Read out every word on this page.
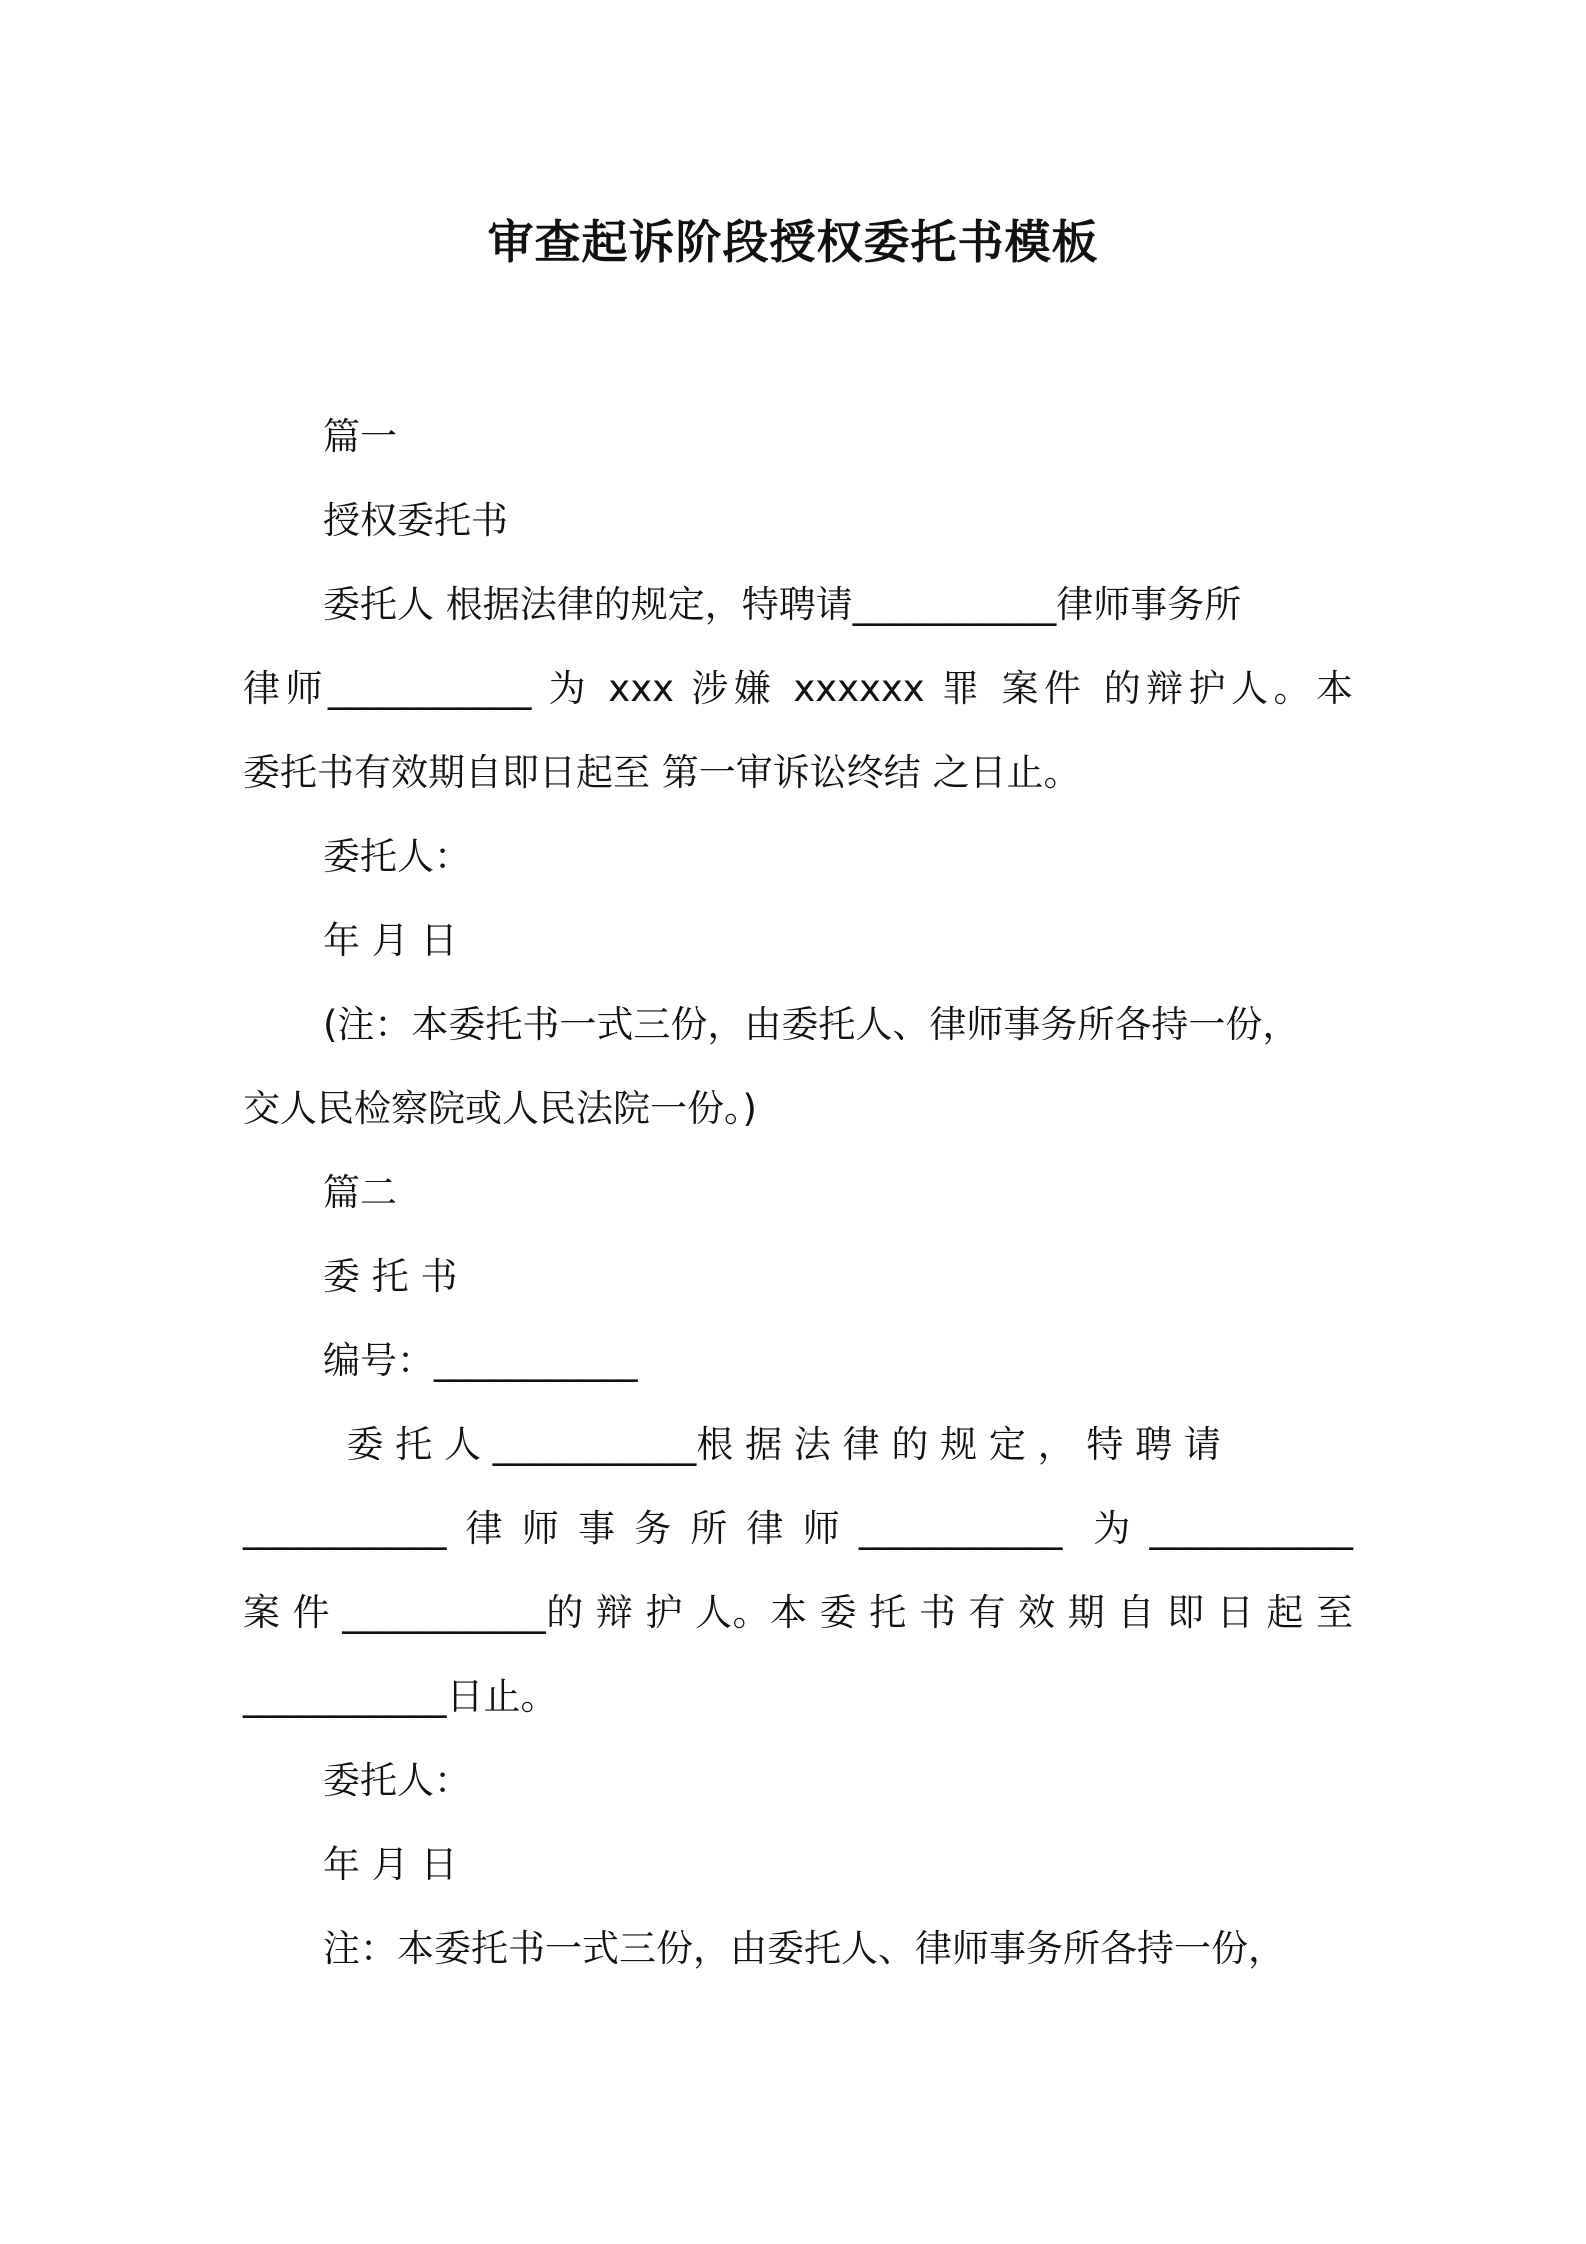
审查起诉阶段授权委托书模板
篇一
授权委托书
委托人 根据法律的规定，特聘请___________律师事务所
律师___________ 为 xxx 涉嫌 xxxxxx 罪 案件 的辩护人。本
委托书有效期自即日起至 第一审诉讼终结 之日止。
委托人：
年 月 日
(注：本委托书一式三份，由委托人、律师事务所各持一份，
交人民检察院或人民法院一份。)
篇二
委 托 书
编号：___________
委 托 人 ___________根 据 法 律 的 规 定 ， 特 聘 请
___________律师事务所律师___________ 为___________
案 件 ___________的 辩 护 人。本 委 托 书 有 效 期 自 即 日 起 至
___________日止。
委托人：
年 月 日
注：本委托书一式三份，由委托人、律师事务所各持一份，
